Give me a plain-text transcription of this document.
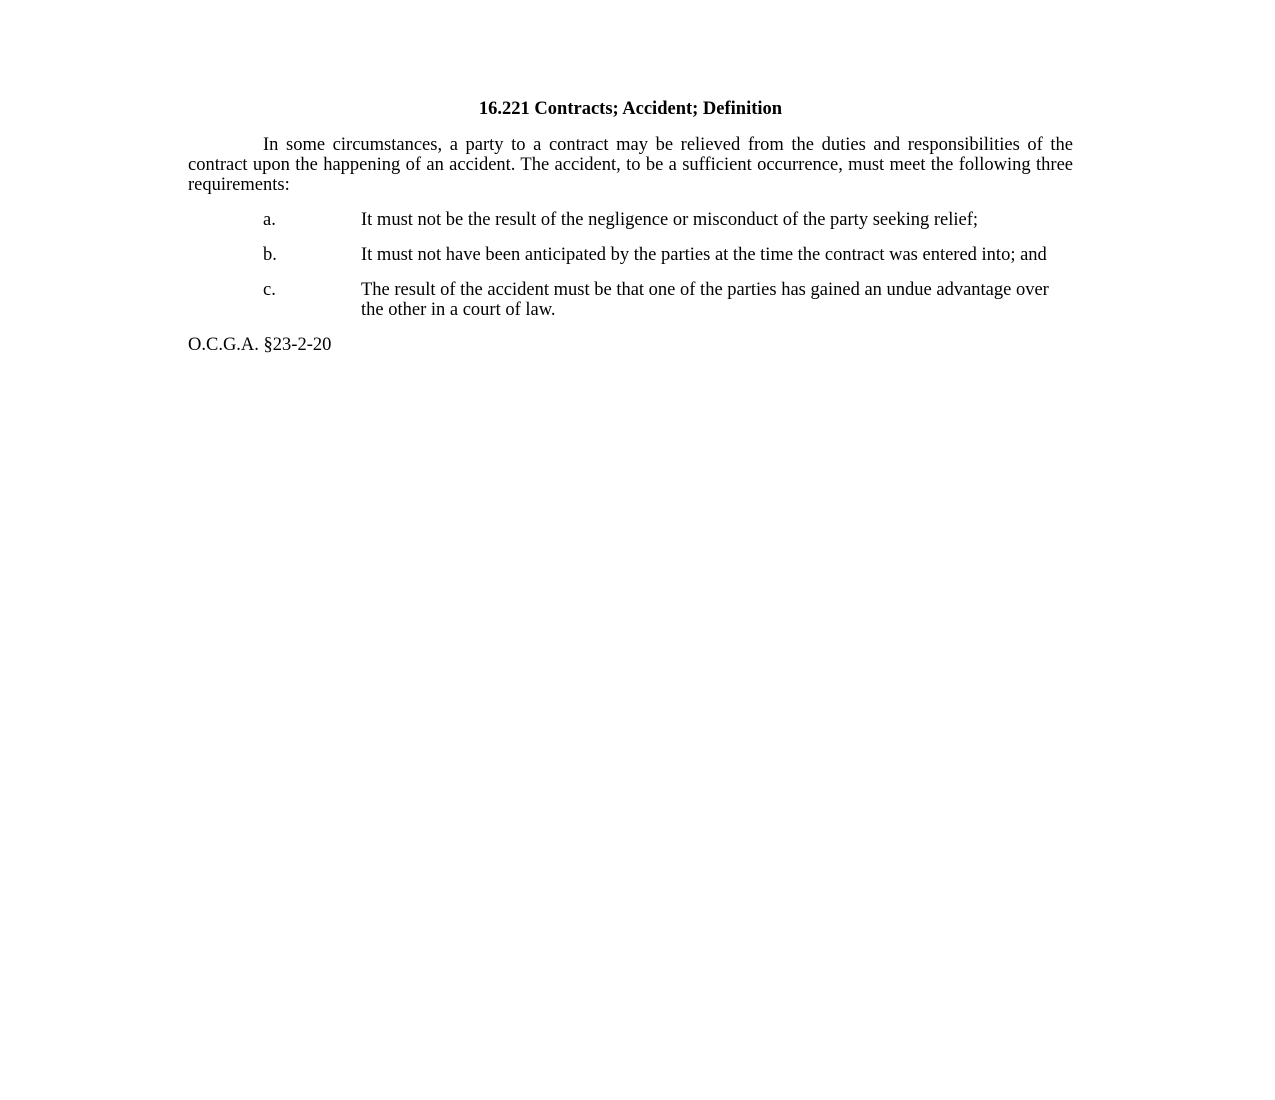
16.221 Contracts; Accident; Definition

In some circumstances, a party to a contract may be relieved from the duties and responsibilities of the contract upon the happening of an accident. The accident, to be a sufficient occurrence, must meet the following three requirements:

a.	It must not be the result of the negligence or misconduct of the party seeking relief;
b.	It must not have been anticipated by the parties at the time the contract was entered into; and
c.	The result of the accident must be that one of the parties has gained an undue advantage over the other in a court of law.

O.C.G.A. §23-2-20
